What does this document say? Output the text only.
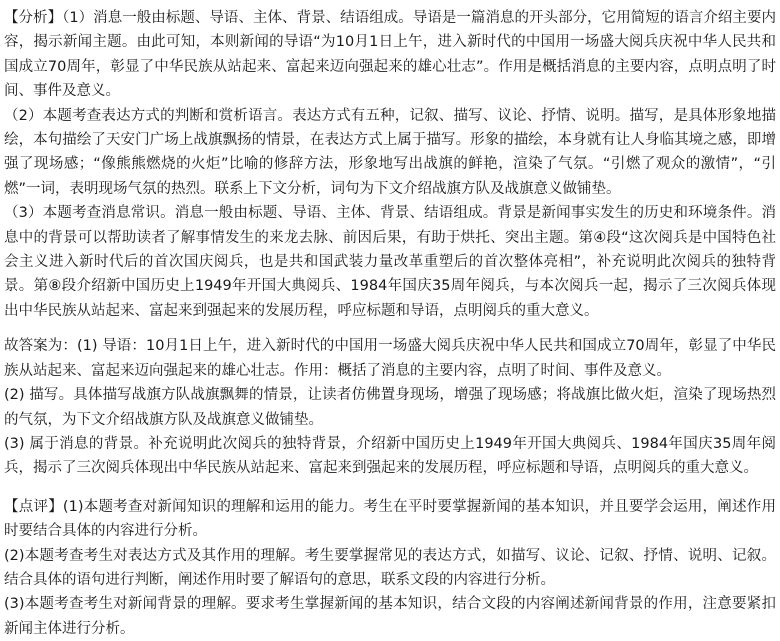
【分析】（1）消息一般由标题、导语、主体、背景、结语组成。导语是一篇消息的开头部分，它用简短的语言介绍主要内容，揭示新闻主题。由此可知，本则新闻的导语“为10月1日上午，进入新时代的中国用一场盛大阅兵庆祝中华人民共和国成立70周年，彰显了中华民族从站起来、富起来迈向强起来的雄心壮志”。作用是概括消息的主要内容，点明点明了时间、事件及意义。

（2）本题考查表达方式的判断和赏析语言。表达方式有五种，记叙、描写、议论、抒情、说明。描写，是具体形象地描绘，本句描绘了天安门广场上战旗飘扬的情景，在表达方式上属于描写。形象的描绘，本身就有让人身临其境之感，即增强了现场感；“像熊熊燃烧的火炬”比喻的修辞方法，形象地写出战旗的鲜艳，渲染了气氛。“引燃了观众的激情”，“引燃”一词，表明现场气氛的热烈。联系上下文分析，词句为下文介绍战旗方队及战旗意义做铺垫。

（3）本题考查消息常识。消息一般由标题、导语、主体、背景、结语组成。背景是新闻事实发生的历史和环境条件。消息中的背景可以帮助读者了解事情发生的来龙去脉、前因后果，有助于烘托、突出主题。第④段“这次阅兵是中国特色社会主义进入新时代后的首次国庆阅兵，也是共和国武装力量改革重塑后的首次整体亮相”，补充说明此次阅兵的独特背景。第⑧段介绍新中国历史上1949年开国大典阅兵、1984年国庆35周年阅兵，与本次阅兵一起，揭示了三次阅兵体现出中华民族从站起来、富起来到强起来的发展历程，呼应标题和导语，点明阅兵的重大意义。

故答案为：(1) 导语：10月1日上午，进入新时代的中国用一场盛大阅兵庆祝中华人民共和国成立70周年，彰显了中华民族从站起来、富起来迈向强起来的雄心壮志。作用：概括了消息的主要内容，点明了时间、事件及意义。

(2) 描写。具体描写战旗方队战旗飘舞的情景，让读者仿佛置身现场，增强了现场感；将战旗比做火炬，渲染了现场热烈的气氛，为下文介绍战旗方队及战旗意义做铺垫。

(3) 属于消息的背景。补充说明此次阅兵的独特背景，介绍新中国历史上1949年开国大典阅兵、1984年国庆35周年阅兵，揭示了三次阅兵体现出中华民族从站起来、富起来到强起来的发展历程，呼应标题和导语，点明阅兵的重大意义。

【点评】(1)本题考查对新闻知识的理解和运用的能力。考生在平时要掌握新闻的基本知识，并且要学会运用，阐述作用时要结合具体的内容进行分析。

(2)本题考查考生对表达方式及其作用的理解。考生要掌握常见的表达方式，如描写、议论、记叙、抒情、说明、记叙。结合具体的语句进行判断，阐述作用时要了解语句的意思，联系文段的内容进行分析。

(3)本题考查考生对新闻背景的理解。要求考生掌握新闻的基本知识，结合文段的内容阐述新闻背景的作用，注意要紧扣新闻主体进行分析。
